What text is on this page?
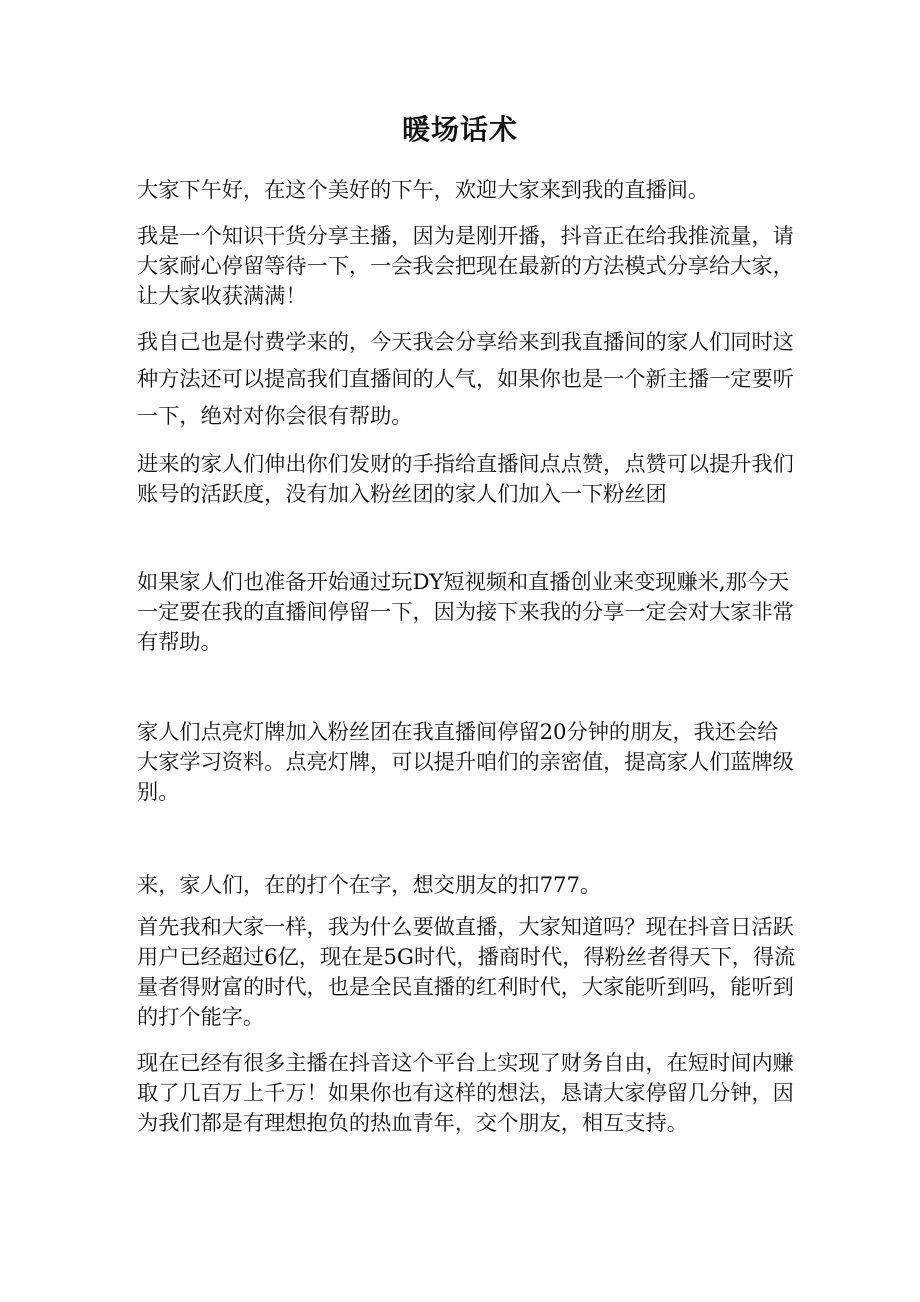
暖场话术

大家下午好，在这个美好的下午，欢迎大家来到我的直播间。

我是一个知识干货分享主播，因为是刚开播，抖音正在给我推流量，请大家耐心停留等待一下，一会我会把现在最新的方法模式分享给大家，让大家收获满满！

我自己也是付费学来的，今天我会分享给来到我直播间的家人们同时这种方法还可以提高我们直播间的人气，如果你也是一个新主播一定要听一下，绝对对你会很有帮助。

进来的家人们伸出你们发财的手指给直播间点点赞，点赞可以提升我们账号的活跃度，没有加入粉丝团的家人们加入一下粉丝团

如果家人们也准备开始通过玩DY短视频和直播创业来变现赚米,那今天一定要在我的直播间停留一下，因为接下来我的分享一定会对大家非常有帮助。

家人们点亮灯牌加入粉丝团在我直播间停留20分钟的朋友，我还会给大家学习资料。点亮灯牌，可以提升咱们的亲密值，提高家人们蓝牌级别。

来，家人们，在的打个在字，想交朋友的扣777。

首先我和大家一样，我为什么要做直播，大家知道吗？现在抖音日活跃用户已经超过6亿，现在是5G时代，播商时代，得粉丝者得天下，得流量者得财富的时代，也是全民直播的红利时代，大家能听到吗，能听到的打个能字。

现在已经有很多主播在抖音这个平台上实现了财务自由，在短时间内赚取了几百万上千万！如果你也有这样的想法，恳请大家停留几分钟，因为我们都是有理想抱负的热血青年，交个朋友，相互支持。
